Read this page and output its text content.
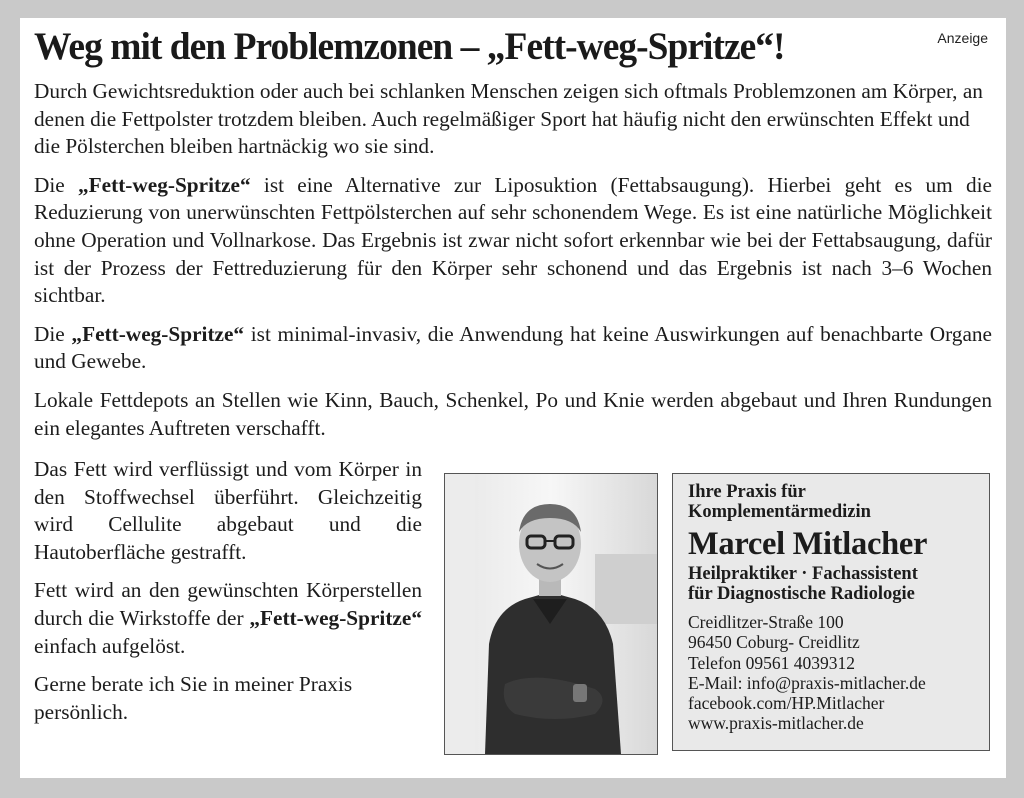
Anzeige
Weg mit den Problemzonen – „Fett-weg-Spritze“!

Durch Gewichtsreduktion oder auch bei schlanken Menschen zeigen sich oftmals Problemzonen am Körper, an denen die Fettpolster trotzdem bleiben. Auch regelmäßiger Sport hat häufig nicht den erwünschten Effekt und die Pölsterchen bleiben hartnäckig wo sie sind.

Die „Fett-weg-Spritze“ ist eine Alternative zur Liposuktion (Fettabsaugung). Hierbei geht es um die Reduzierung von unerwünschten Fettpölsterchen auf sehr schonendem Wege. Es ist eine natürliche Möglichkeit ohne Operation und Vollnarkose. Das Ergebnis ist zwar nicht sofort erkennbar wie bei der Fettabsaugung, dafür ist der Prozess der Fettreduzierung für den Körper sehr schonend und das Ergebnis ist nach 3–6 Wochen sichtbar.

Die „Fett-weg-Spritze“ ist minimal-invasiv, die Anwendung hat keine Auswirkungen auf benachbarte Organe und Gewebe.

Lokale Fettdepots an Stellen wie Kinn, Bauch, Schenkel, Po und Knie werden abgebaut und Ihren Rundungen ein elegantes Auftreten verschafft.

Das Fett wird verflüssigt und vom Körper in den Stoffwechsel überführt. Gleichzeitig wird Cellulite abgebaut und die Hautoberfläche gestrafft.

Fett wird an den gewünschten Körperstellen durch die Wirkstoffe der „Fett-weg-Spritze“ einfach aufgelöst.

Gerne berate ich Sie in meiner Praxis persönlich.

Ihre Praxis für
Komplementärmedizin
Marcel Mitlacher
Heilpraktiker · Fachassistent
für Diagnostische Radiologie
Creidlitzer-Straße 100
96450 Coburg- Creidlitz
Telefon 09561 4039312
E-Mail: info@praxis-mitlacher.de
facebook.com/HP.Mitlacher
www.praxis-mitlacher.de
